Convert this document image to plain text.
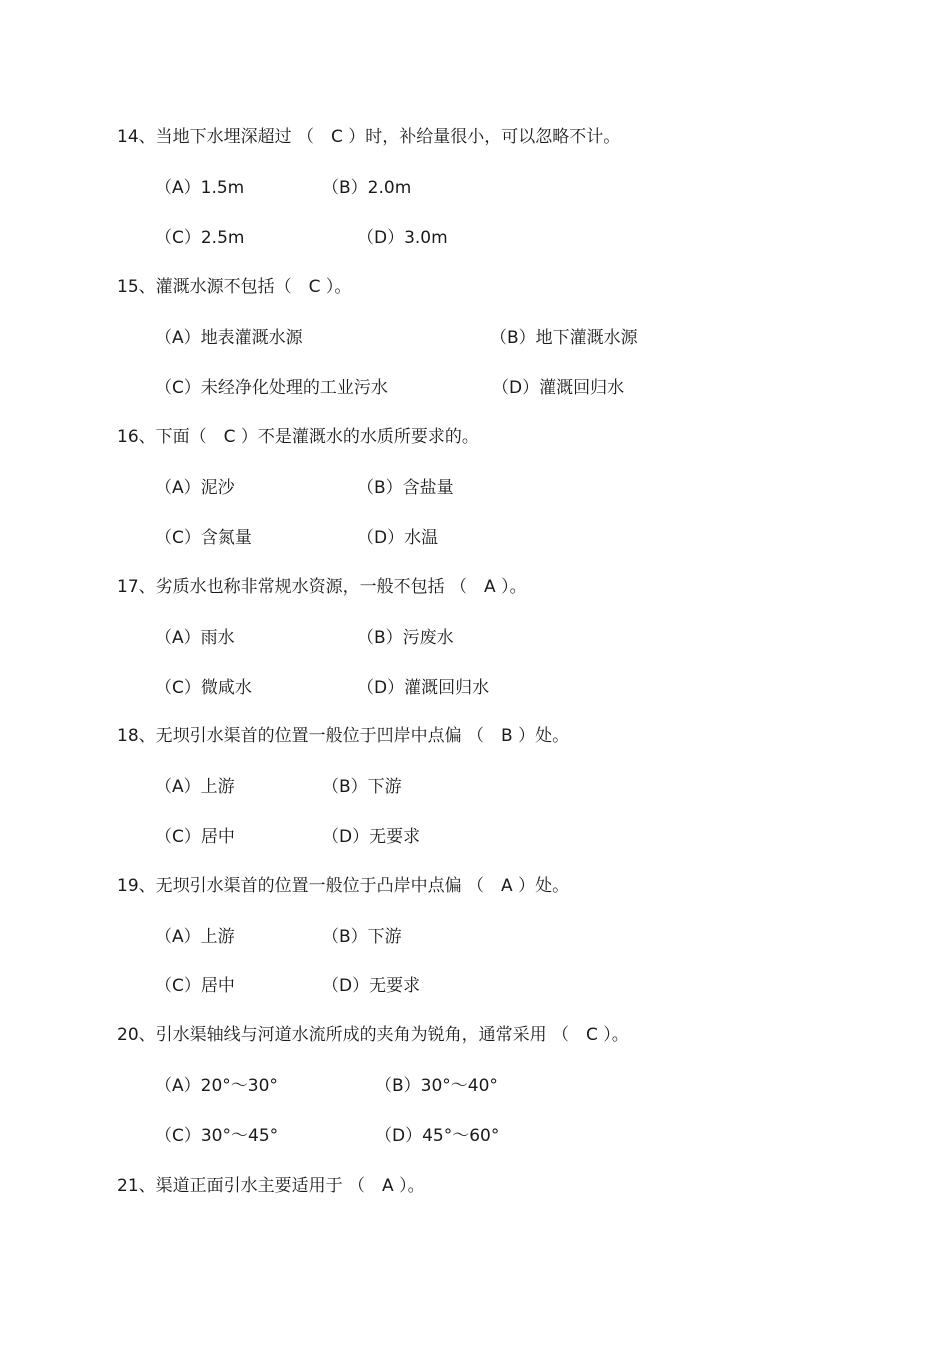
14、当地下水埋深超过 （　C ）时，补给量很小，可以忽略不计。
（A）1.5m	（B）2.0m
（C）2.5m	（D）3.0m
15、灌溉水源不包括（　C ）。
（A）地表灌溉水源	（B）地下灌溉水源
（C）未经净化处理的工业污水	（D）灌溉回归水
16、下面（　C ）不是灌溉水的水质所要求的。
（A）泥沙	（B）含盐量
（C）含氮量	（D）水温
17、劣质水也称非常规水资源，一般不包括 （　A ）。
（A）雨水	（B）污废水
（C）微咸水	（D）灌溉回归水
18、无坝引水渠首的位置一般位于凹岸中点偏 （　B ）处。
（A）上游	（B）下游
（C）居中	（D）无要求
19、无坝引水渠首的位置一般位于凸岸中点偏 （　A ）处。
（A）上游	（B）下游
（C）居中	（D）无要求
20、引水渠轴线与河道水流所成的夹角为锐角，通常采用 （　C ）。
（A）20°～30°	（B）30°～40°
（C）30°～45°	（D）45°～60°
21、渠道正面引水主要适用于 （　A ）。
